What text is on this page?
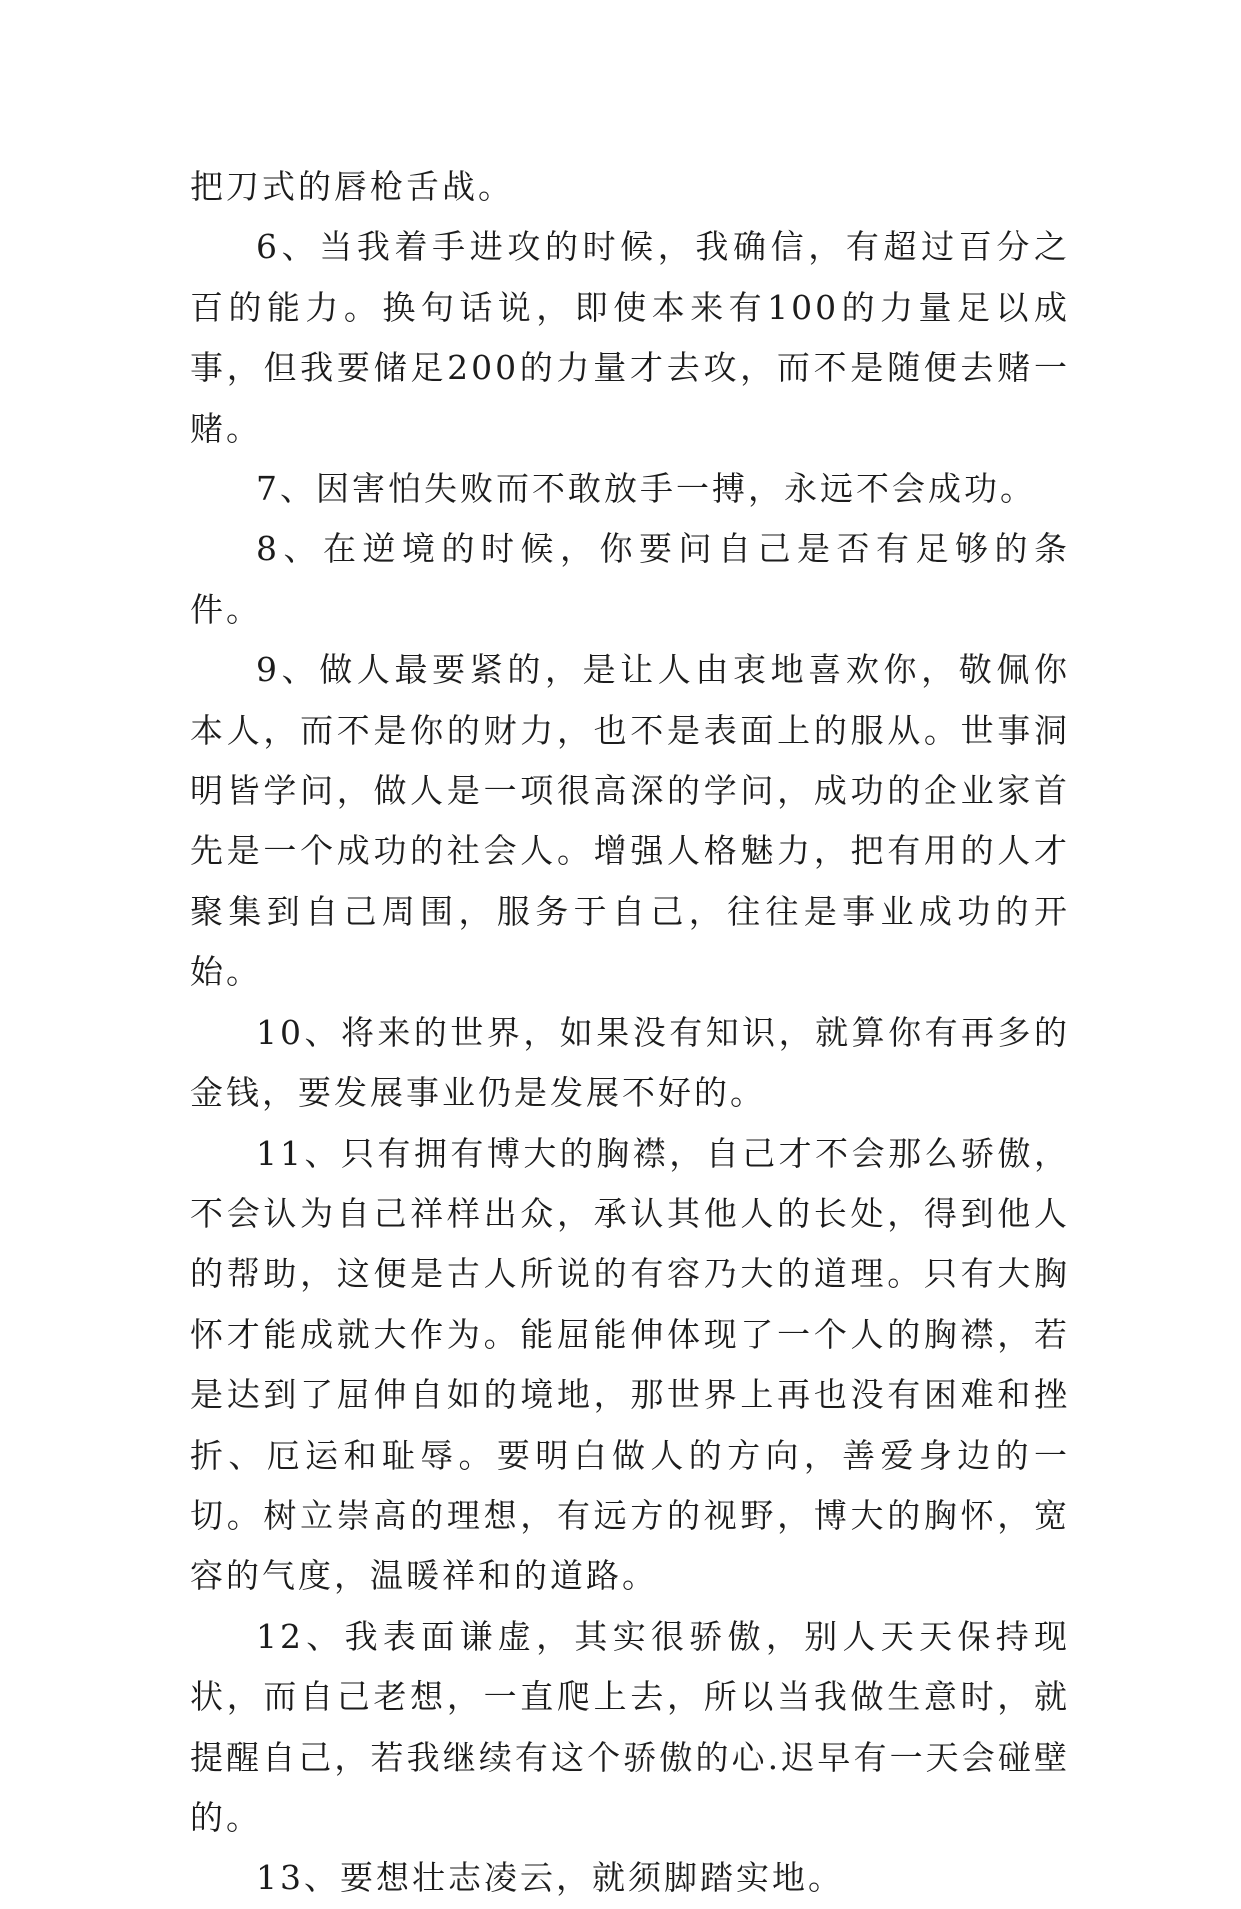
把刀式的唇枪舌战。

6、当我着手进攻的时候，我确信，有超过百分之百的能力。换句话说，即使本来有100的力量足以成事，但我要储足200的力量才去攻，而不是随便去赌一赌。

7、因害怕失败而不敢放手一搏，永远不会成功。

8、在逆境的时候，你要问自己是否有足够的条件。

9、做人最要紧的，是让人由衷地喜欢你，敬佩你本人，而不是你的财力，也不是表面上的服从。世事洞明皆学问，做人是一项很高深的学问，成功的企业家首先是一个成功的社会人。增强人格魅力，把有用的人才聚集到自己周围，服务于自己，往往是事业成功的开始。

10、将来的世界，如果没有知识，就算你有再多的金钱，要发展事业仍是发展不好的。

11、只有拥有博大的胸襟，自己才不会那么骄傲，不会认为自己祥样出众，承认其他人的长处，得到他人的帮助，这便是古人所说的有容乃大的道理。只有大胸怀才能成就大作为。能屈能伸体现了一个人的胸襟，若是达到了屈伸自如的境地，那世界上再也没有困难和挫折、厄运和耻辱。要明白做人的方向，善爱身边的一切。树立崇高的理想，有远方的视野，博大的胸怀，宽容的气度，温暖祥和的道路。

12、我表面谦虚，其实很骄傲，别人天天保持现状，而自己老想，一直爬上去，所以当我做生意时，就提醒自己，若我继续有这个骄傲的心.迟早有一天会碰壁的。

13、要想壮志凌云，就须脚踏实地。
